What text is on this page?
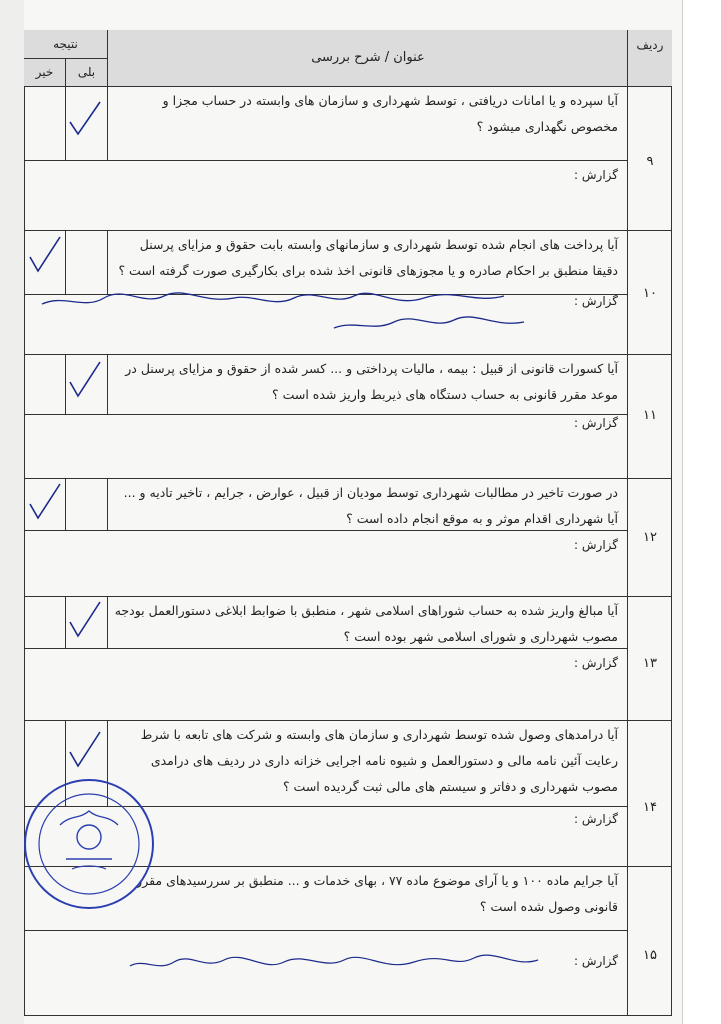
ردیف
عنوان / شرح بررسی
نتیجه
بلی
خیر
۹
آیا سپرده و یا امانات دریافتی ، توسط شهرداری و سازمان های وابسته در حساب مجزا و مخصوص نگهداری میشود ؟
گزارش :
۱۰
آیا پرداخت های انجام شده توسط شهرداری و سازمانهای وابسته بابت حقوق و مزایای پرسنل دقیقا منطبق بر احکام صادره و یا مجوزهای قانونی اخذ شده برای بکارگیری صورت گرفته است ؟
گزارش :
۱۱
آیا کسورات قانونی از قبیل : بیمه ، مالیات پرداختی و ... کسر شده از حقوق و مزایای پرسنل در موعد مقرر قانونی به حساب دستگاه های ذیربط واریز شده است ؟
گزارش :
۱۲
در صورت تاخیر در مطالبات شهرداری توسط مودیان از قبیل ، عوارض ، جرایم ، تاخیر تادیه و ... آیا شهرداری اقدام موثر و به موقع انجام داده است ؟
گزارش :
۱۳
آیا مبالغ واریز شده به حساب شوراهای اسلامی شهر ، منطبق با ضوابط ابلاغی دستورالعمل بودجه مصوب شهرداری و شورای اسلامی شهر بوده است ؟
گزارش :
۱۴
آیا درامدهای وصول شده توسط شهرداری و سازمان های وابسته و شرکت های تابعه با شرط رعایت آئین نامه مالی و دستورالعمل و شیوه نامه اجرایی خزانه داری در ردیف های درامدی مصوب شهرداری و دفاتر و سیستم های مالی ثبت گردیده است ؟
گزارش :
۱۵
آیا جرایم ماده ۱۰۰ و یا آرای موضوع ماده ۷۷ ، بهای خدمات و ... منطبق بر سررسیدهای مقرر قانونی وصول شده است ؟
گزارش :
